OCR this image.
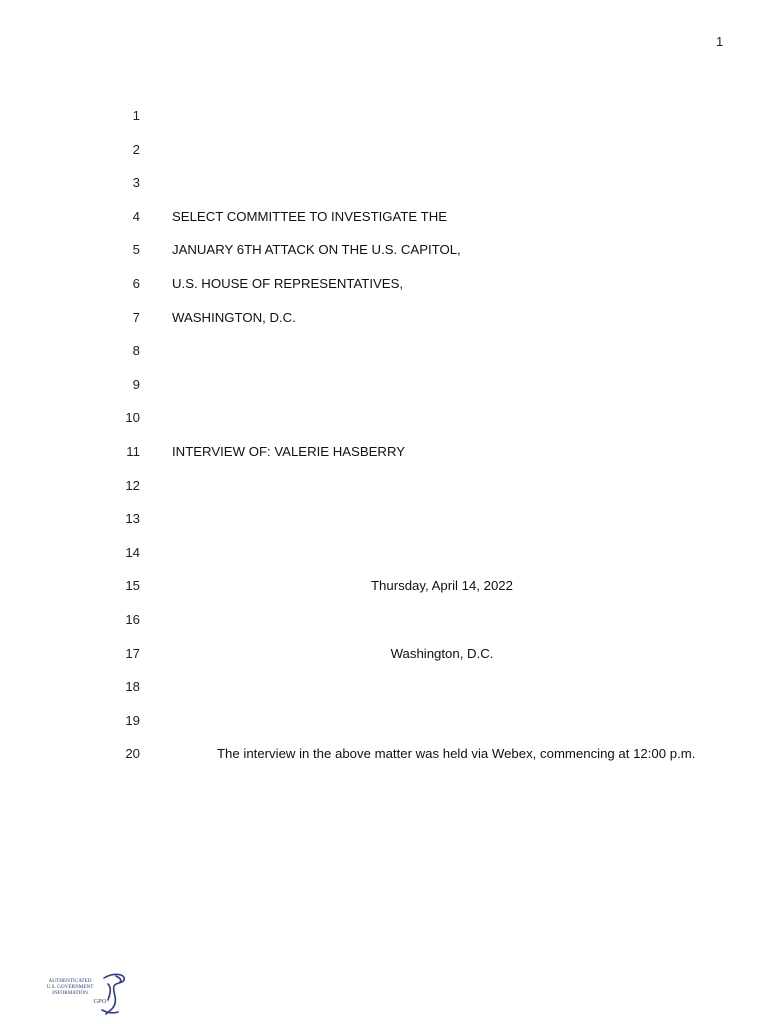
1
1
2
3
4 SELECT COMMITTEE TO INVESTIGATE THE
5 JANUARY 6TH ATTACK ON THE U.S. CAPITOL,
6 U.S. HOUSE OF REPRESENTATIVES,
7 WASHINGTON, D.C.
8
9
10
11 INTERVIEW OF: VALERIE HASBERRY
12
13
14
15	Thursday, April 14, 2022
16
17	Washington, D.C.
18
19
20	The interview in the above matter was held via Webex, commencing at 12:00 p.m.
AUTHENTICATED
U.S. GOVERNMENT
INFORMATION
GPO
